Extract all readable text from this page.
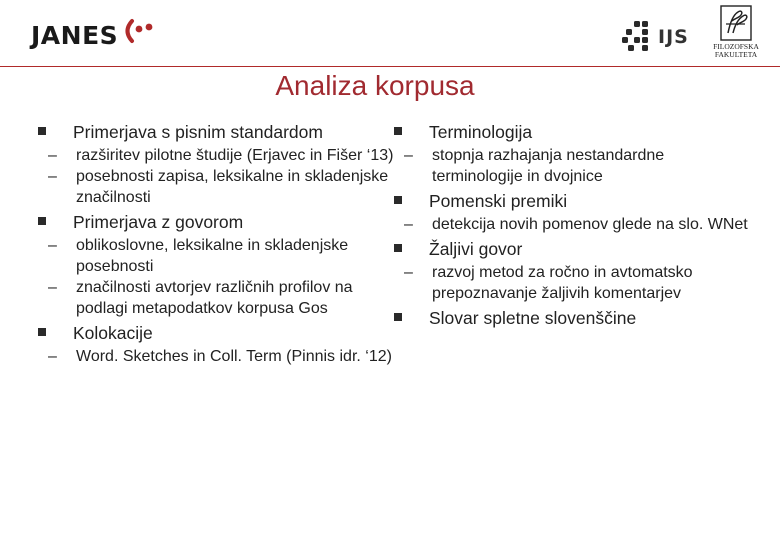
JANES	IJS	FILOZOFSKA FAKULTETA
Analiza korpusa
Primerjava s pisnim standardom
– razširitev pilotne študije (Erjavec in Fišer ‘13)
– posebnosti zapisa, leksikalne in skladenjske značilnosti
Primerjava z govorom
– oblikoslovne, leksikalne in skladenjske posebnosti
– značilnosti avtorjev različnih profilov na podlagi metapodatkov korpusa Gos
Kolokacije
– Word. Sketches in Coll. Term (Pinnis idr. ‘12)
Terminologija
– stopnja razhajanja nestandardne terminologije in dvojnice
Pomenski premiki
– detekcija novih pomenov glede na slo. WNet
Žaljivi govor
– razvoj metod za ročno in avtomatsko prepoznavanje žaljivih komentarjev
Slovar spletne slovenščine
